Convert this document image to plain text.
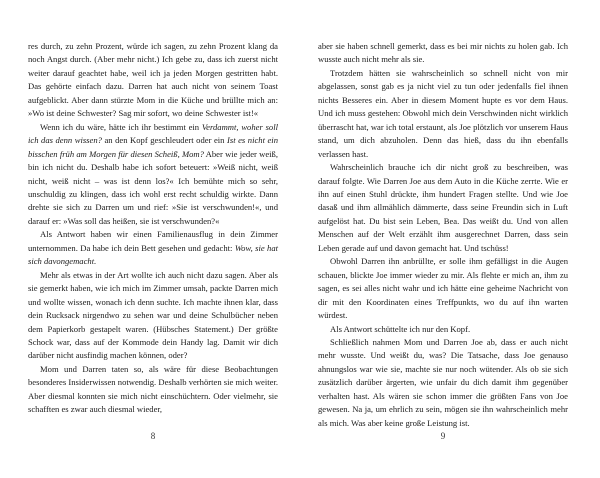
res durch, zu zehn Prozent, würde ich sagen, zu zehn Prozent klang da noch Angst durch. (Aber mehr nicht.) Ich gebe zu, dass ich zuerst nicht weiter darauf geachtet habe, weil ich ja jeden Morgen gestritten habt. Das gehörte einfach dazu. Darren hat auch nicht von seinem Toast aufgeblickt. Aber dann stürzte Mom in die Küche und brüllte mich an: »Wo ist deine Schwester? Sag mir sofort, wo deine Schwester ist!«

Wenn ich du wäre, hätte ich ihr bestimmt ein Verdammt, woher soll ich das denn wissen? an den Kopf geschleudert oder ein Ist es nicht ein bisschen früh am Morgen für diesen Scheiß, Mom? Aber wie jeder weiß, bin ich nicht du. Deshalb habe ich sofort beteuert: »Weiß nicht, weiß nicht, weiß nicht – was ist denn los?« Ich bemühte mich so sehr, unschuldig zu klingen, dass ich wohl erst recht schuldig wirkte. Dann drehte sie sich zu Darren um und rief: »Sie ist verschwunden!«, und darauf er: »Was soll das heißen, sie ist verschwunden?«

Als Antwort haben wir einen Familienausflug in dein Zimmer unternommen. Da habe ich dein Bett gesehen und gedacht: Wow, sie hat sich davongemacht.

Mehr als etwas in der Art wollte ich auch nicht dazu sagen. Aber als sie gemerkt haben, wie ich mich im Zimmer umsah, packte Darren mich und wollte wissen, wonach ich denn suchte. Ich machte ihnen klar, dass dein Rucksack nirgendwo zu sehen war und deine Schulbücher neben dem Papierkorb gestapelt waren. (Hübsches Statement.) Der größte Schock war, dass auf der Kommode dein Handy lag. Damit wir dich darüber nicht ausfindig machen können, oder?

Mom und Darren taten so, als wäre für diese Beobachtungen besonderes Insiderwissen notwendig. Deshalb verhörten sie mich weiter. Aber diesmal konnten sie mich nicht einschüchtern. Oder vielmehr, sie schafften es zwar auch diesmal wieder,

8

aber sie haben schnell gemerkt, dass es bei mir nichts zu holen gab. Ich wusste auch nicht mehr als sie.

Trotzdem hätten sie wahrscheinlich so schnell nicht von mir abgelassen, sonst gab es ja nicht viel zu tun oder jedenfalls fiel ihnen nichts Besseres ein. Aber in diesem Moment hupte es vor dem Haus. Und ich muss gestehen: Obwohl mich dein Verschwinden nicht wirklich überrascht hat, war ich total erstaunt, als Joe plötzlich vor unserem Haus stand, um dich abzuholen. Denn das hieß, dass du ihn ebenfalls verlassen hast.

Wahrscheinlich brauche ich dir nicht groß zu beschreiben, was darauf folgte. Wie Darren Joe aus dem Auto in die Küche zerrte. Wie er ihn auf einen Stuhl drückte, ihm hundert Fragen stellte. Und wie Joe dasaß und ihm allmählich dämmerte, dass seine Freundin sich in Luft aufgelöst hat. Du bist sein Leben, Bea. Das weißt du. Und von allen Menschen auf der Welt erzählt ihm ausgerechnet Darren, dass sein Leben gerade auf und davon gemacht hat. Und tschüss!

Obwohl Darren ihn anbrüllte, er solle ihm gefälligst in die Augen schauen, blickte Joe immer wieder zu mir. Als flehte er mich an, ihm zu sagen, es sei alles nicht wahr und ich hätte eine geheime Nachricht von dir mit den Koordinaten eines Treffpunkts, wo du auf ihn warten würdest.

Als Antwort schüttelte ich nur den Kopf.

Schließlich nahmen Mom und Darren Joe ab, dass er auch nicht mehr wusste. Und weißt du, was? Die Tatsache, dass Joe genauso ahnungslos war wie sie, machte sie nur noch wütender. Als ob sie sich zusätzlich darüber ärgerten, wie unfair du dich damit ihm gegenüber verhalten hast. Als wären sie schon immer die größten Fans von Joe gewesen. Na ja, um ehrlich zu sein, mögen sie ihn wahrscheinlich mehr als mich. Was aber keine große Leistung ist.

9
